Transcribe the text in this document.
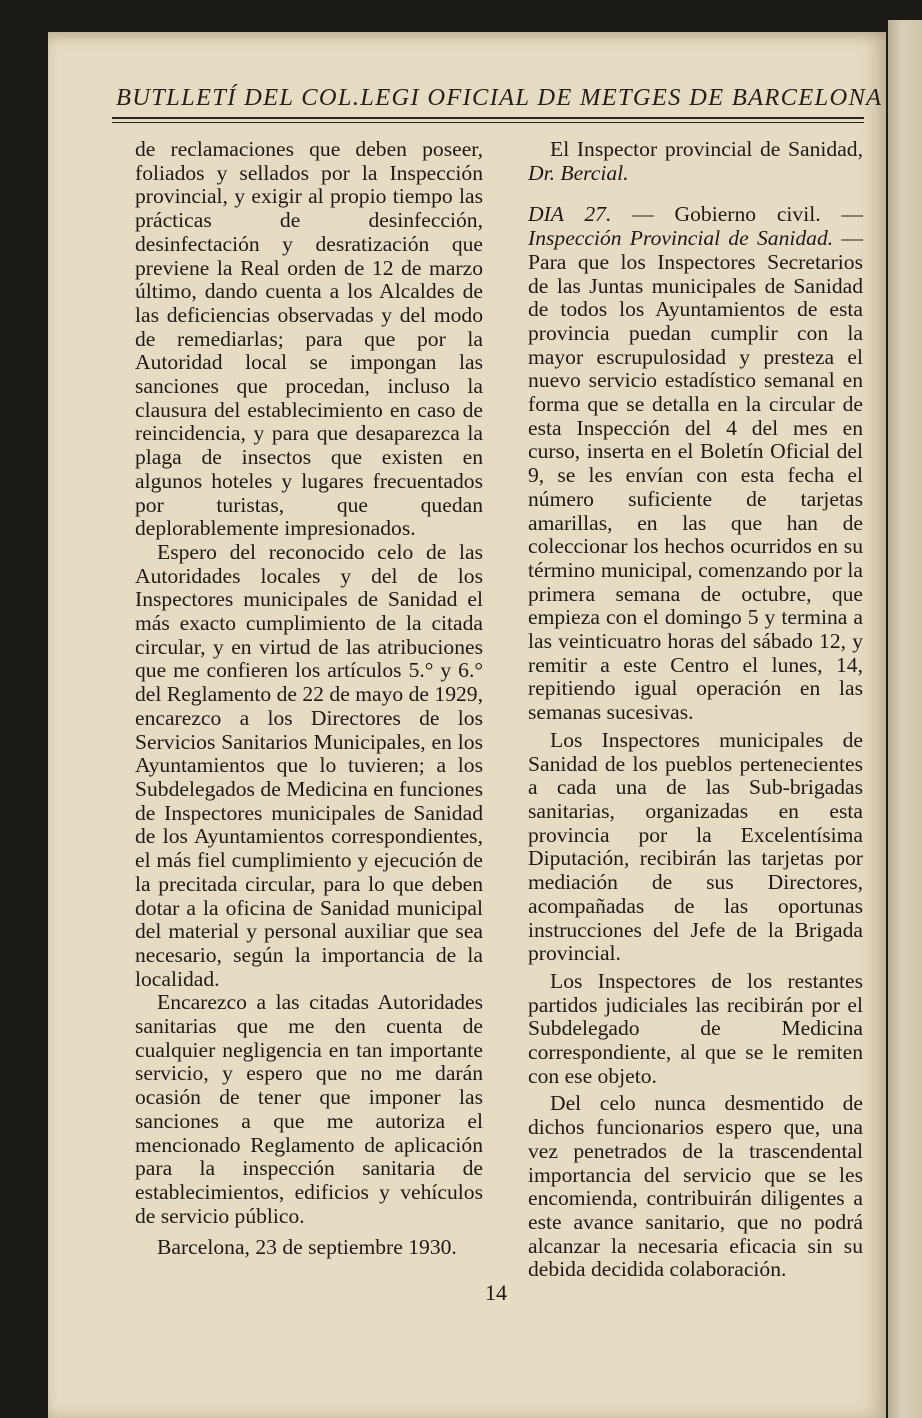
BUTLLETÍ DEL COL.LEGI OFICIAL DE METGES DE BARCELONA

de reclamaciones que deben poseer, foliados y sellados por la Inspección provincial, y exigir al propio tiempo las prácticas de desinfección, desinfectación y desratización que previene la Real orden de 12 de marzo último, dando cuenta a los Alcaldes de las deficiencias observadas y del modo de remediarlas; para que por la Autoridad local se impongan las sanciones que procedan, incluso la clausura del establecimiento en caso de reincidencia, y para que desaparezca la plaga de insectos que existen en algunos hoteles y lugares frecuentados por turistas, que quedan deplorablemente impresionados.

Espero del reconocido celo de las Autoridades locales y del de los Inspectores municipales de Sanidad el más exacto cumplimiento de la citada circular, y en virtud de las atribuciones que me confieren los artículos 5.° y 6.° del Reglamento de 22 de mayo de 1929, encarezco a los Directores de los Servicios Sanitarios Municipales, en los Ayuntamientos que lo tuvieren; a los Subdelegados de Medicina en funciones de Inspectores municipales de Sanidad de los Ayuntamientos correspondientes, el más fiel cumplimiento y ejecución de la precitada circular, para lo que deben dotar a la oficina de Sanidad municipal del material y personal auxiliar que sea necesario, según la importancia de la localidad.

Encarezco a las citadas Autoridades sanitarias que me den cuenta de cualquier negligencia en tan importante servicio, y espero que no me darán ocasión de tener que imponer las sanciones a que me autoriza el mencionado Reglamento de aplicación para la inspección sanitaria de establecimientos, edificios y vehículos de servicio público.

Barcelona, 23 de septiembre 1930.

El Inspector provincial de Sanidad, Dr. Bercial.

DIA 27. — Gobierno civil. — Inspección Provincial de Sanidad. — Para que los Inspectores Secretarios de las Juntas municipales de Sanidad de todos los Ayuntamientos de esta provincia puedan cumplir con la mayor escrupulosidad y presteza el nuevo servicio estadístico semanal en forma que se detalla en la circular de esta Inspección del 4 del mes en curso, inserta en el Boletín Oficial del 9, se les envían con esta fecha el número suficiente de tarjetas amarillas, en las que han de coleccionar los hechos ocurridos en su término municipal, comenzando por la primera semana de octubre, que empieza con el domingo 5 y termina a las veinticuatro horas del sábado 12, y remitir a este Centro el lunes, 14, repitiendo igual operación en las semanas sucesivas.

Los Inspectores municipales de Sanidad de los pueblos pertenecientes a cada una de las Sub-brigadas sanitarias, organizadas en esta provincia por la Excelentísima Diputación, recibirán las tarjetas por mediación de sus Directores, acompañadas de las oportunas instrucciones del Jefe de la Brigada provincial.

Los Inspectores de los restantes partidos judiciales las recibirán por el Subdelegado de Medicina correspondiente, al que se le remiten con ese objeto.

Del celo nunca desmentido de dichos funcionarios espero que, una vez penetrados de la trascendental importancia del servicio que se les encomienda, contribuirán diligentes a este avance sanitario, que no podrá alcanzar la necesaria eficacia sin su debida decidida colaboración.

14
